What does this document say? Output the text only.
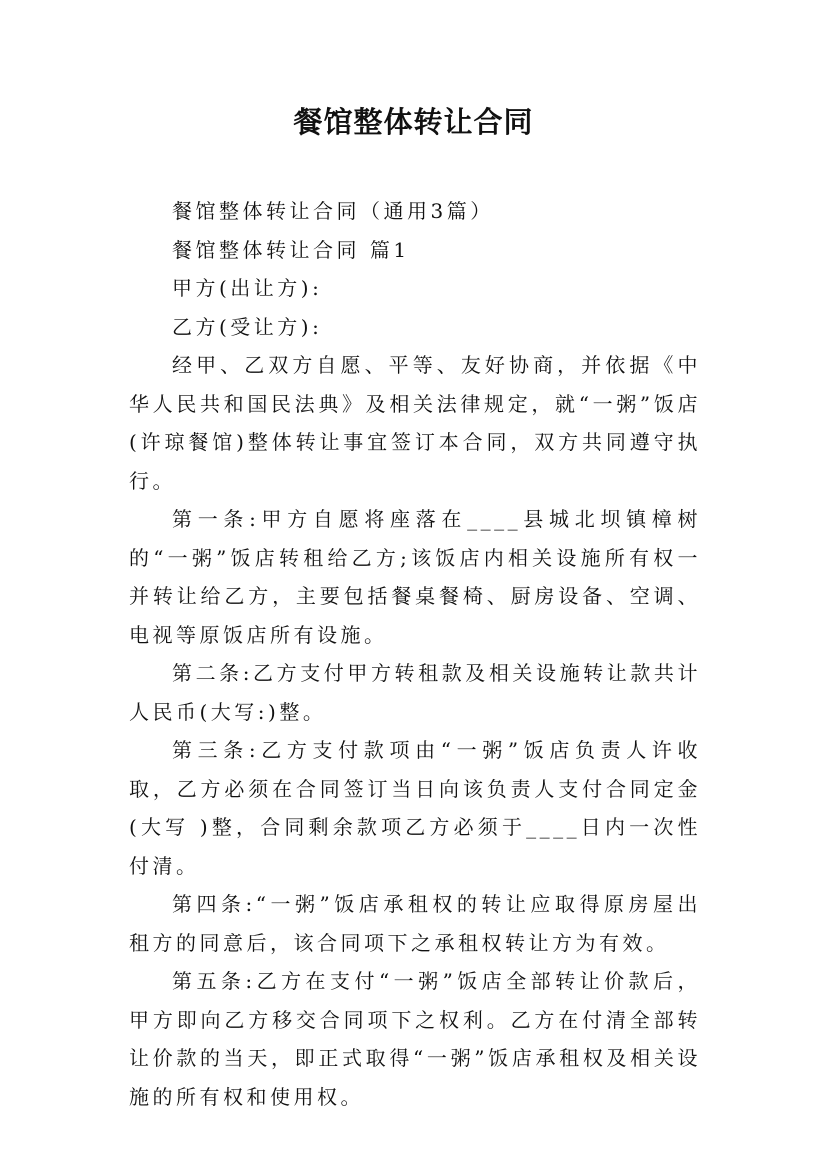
餐馆整体转让合同

餐馆整体转让合同（通用3篇）

餐馆整体转让合同 篇1

甲方(出让方):

乙方(受让方):

经甲、乙双方自愿、平等、友好协商，并依据《中华人民共和国民法典》及相关法律规定，就“一粥”饭店(许琼餐馆)整体转让事宜签订本合同，双方共同遵守执行。

第一条:甲方自愿将座落在____县城北坝镇樟树的“一粥”饭店转租给乙方;该饭店内相关设施所有权一并转让给乙方，主要包括餐桌餐椅、厨房设备、空调、电视等原饭店所有设施。

第二条:乙方支付甲方转租款及相关设施转让款共计人民币(大写:)整。

第三条:乙方支付款项由“一粥”饭店负责人许收取，乙方必须在合同签订当日向该负责人支付合同定金 (大写 )整，合同剩余款项乙方必须于____日内一次性付清。

第四条:“一粥”饭店承租权的转让应取得原房屋出租方的同意后，该合同项下之承租权转让方为有效。

第五条:乙方在支付“一粥”饭店全部转让价款后，甲方即向乙方移交合同项下之权利。乙方在付清全部转让价款的当天，即正式取得“一粥”饭店承租权及相关设施的所有权和使用权。
